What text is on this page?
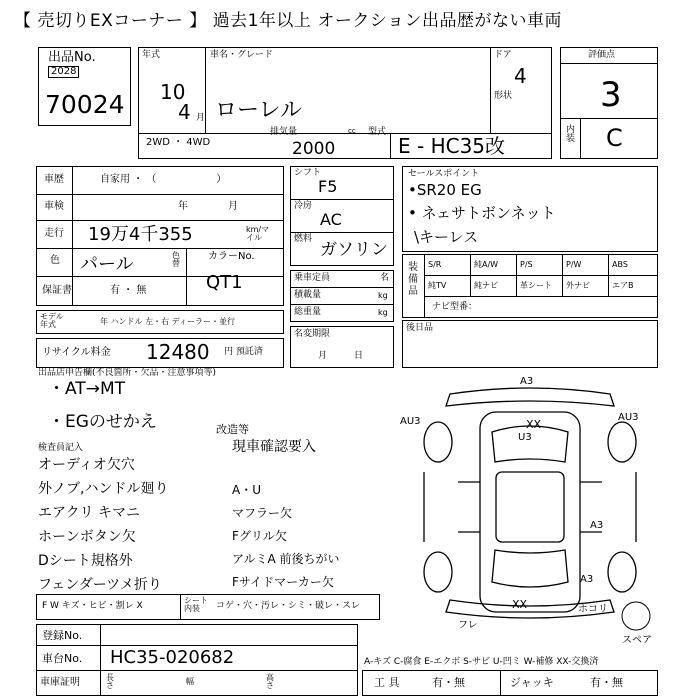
【 売切りEXコーナー 】 過去1年以上 オークション出品歴がない車両
出品No.
2028
70024
年式
10
4 月
車名・グレード
ローレル
ドア
4
形状
2WD ・ 4WD
排気量	cc
2000
型式
E - HC35改
評価点
3
内装 C
車歴	自家用 ・ （　　　　　　）
車検	年　　　　月
走行 19万4千355	km/マイル
色 パール	色替
カラーNo.
QT1
保証書	有 ・ 無
モデル年式	年 ハンドル 左・右 ディーラー・並行
リサイクル料金 12480 円 預託済
シフト
F5
冷房
AC
燃料
ガソリン
乗車定員	名
積載量	kg
総重量	kg
名変期限
月　　　日
セールスポイント
•SR20 EG
• ネェサトボンネット
\キーレス
装備品
S/R	純A/W	P/S	P/W	ABS
純TV	純ナビ	革シート 外ナビ	エアB
ナビ型番：
後日品
出品店申告欄(不良箇所・欠品・注意事項等)
・AT→MT
・EGのせかえ	改造等
現車確認要入
検査員記入
オーディオ欠穴
外ノブ,ハンドル廻り
エアクリ キマニ
ホーンボタン欠
Dシート規格外
フェンダーツメ折り
A・U
マフラー欠
Fグリル欠
アルミA 前後ちがい
Fサイドマーカー欠
A3
AU3	AU3
XX
U3
A3
A3
XX	ホコリ
フレ
スペア
F W キズ・ヒビ・割レ X
シート内装	コゲ・穴・汚レ・シミ・破レ・スレ
登録No.
車台No. HC35-020682
車庫証明	長さ	幅	高さ
A-キズ C-腐食 E-エクボ S-サビ U-凹ミ W-補修 XX-交換済
工 具	有・無	ジャッキ	有・無
